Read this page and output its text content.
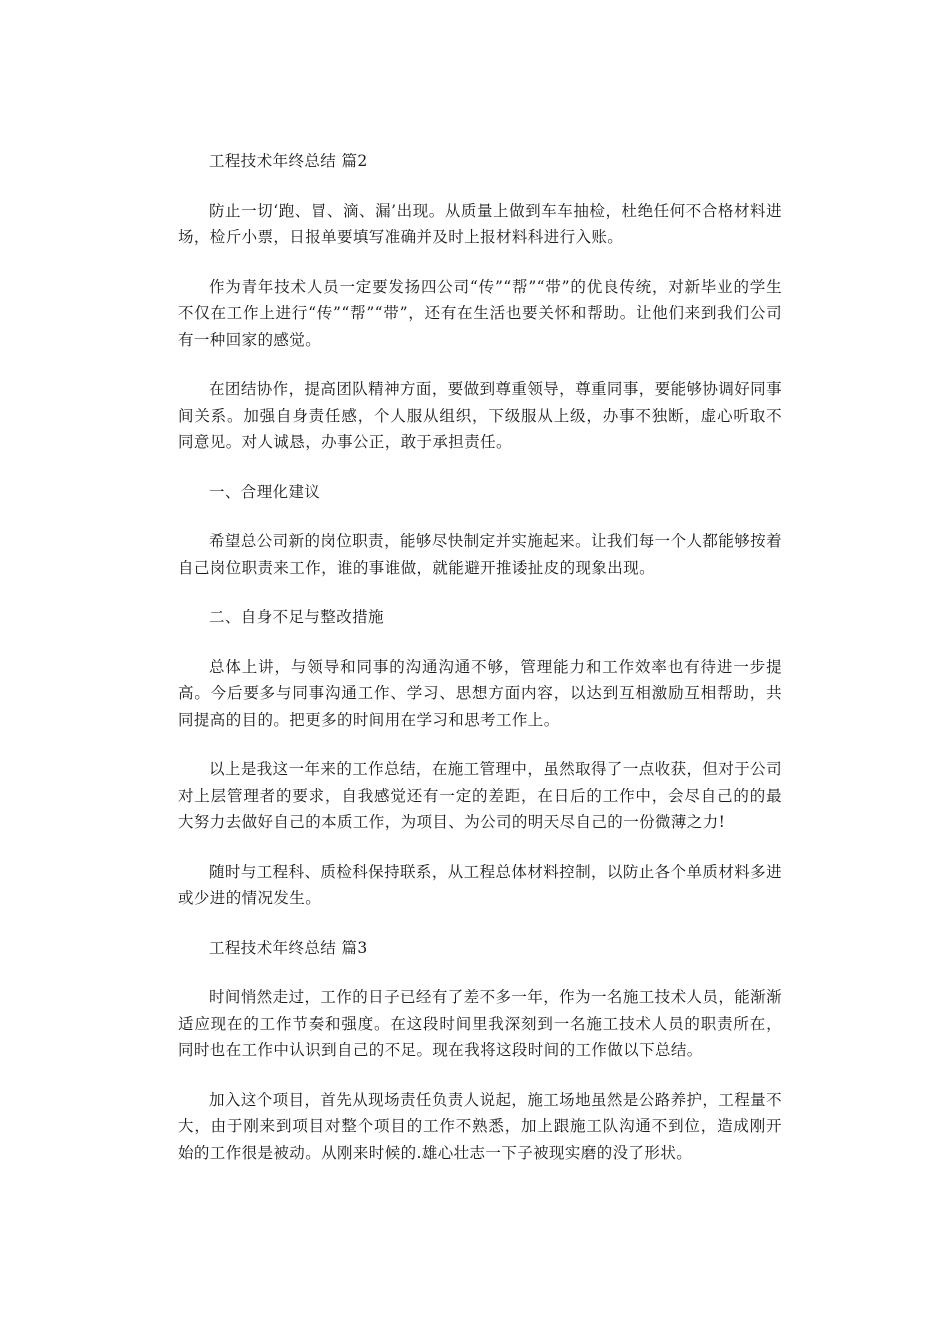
工程技术年终总结 篇2

防止一切‘跑、冒、滴、漏’出现。从质量上做到车车抽检，杜绝任何不合格材料进场，检斤小票，日报单要填写准确并及时上报材料科进行入账。

作为青年技术人员一定要发扬四公司“传”“帮”“带”的优良传统，对新毕业的学生不仅在工作上进行“传”“帮”“带”，还有在生活也要关怀和帮助。让他们来到我们公司有一种回家的感觉。

在团结协作，提高团队精神方面，要做到尊重领导，尊重同事，要能够协调好同事间关系。加强自身责任感，个人服从组织，下级服从上级，办事不独断，虚心听取不同意见。对人诚恳，办事公正，敢于承担责任。

一、合理化建议

希望总公司新的岗位职责，能够尽快制定并实施起来。让我们每一个人都能够按着自己岗位职责来工作，谁的事谁做，就能避开推诿扯皮的现象出现。

二、自身不足与整改措施

总体上讲，与领导和同事的沟通沟通不够，管理能力和工作效率也有待进一步提高。今后要多与同事沟通工作、学习、思想方面内容，以达到互相激励互相帮助，共同提高的目的。把更多的时间用在学习和思考工作上。

以上是我这一年来的工作总结，在施工管理中，虽然取得了一点收获，但对于公司对上层管理者的要求，自我感觉还有一定的差距，在日后的工作中，会尽自己的的最大努力去做好自己的本质工作，为项目、为公司的明天尽自己的一份微薄之力!

随时与工程科、质检科保持联系，从工程总体材料控制，以防止各个单质材料多进或少进的情况发生。

工程技术年终总结 篇3

时间悄然走过，工作的日子已经有了差不多一年，作为一名施工技术人员，能渐渐适应现在的工作节奏和强度。在这段时间里我深刻到一名施工技术人员的职责所在，同时也在工作中认识到自己的不足。现在我将这段时间的工作做以下总结。

加入这个项目，首先从现场责任负责人说起，施工场地虽然是公路养护，工程量不大，由于刚来到项目对整个项目的工作不熟悉，加上跟施工队沟通不到位，造成刚开始的工作很是被动。从刚来时候的.雄心壮志一下子被现实磨的没了形状。
